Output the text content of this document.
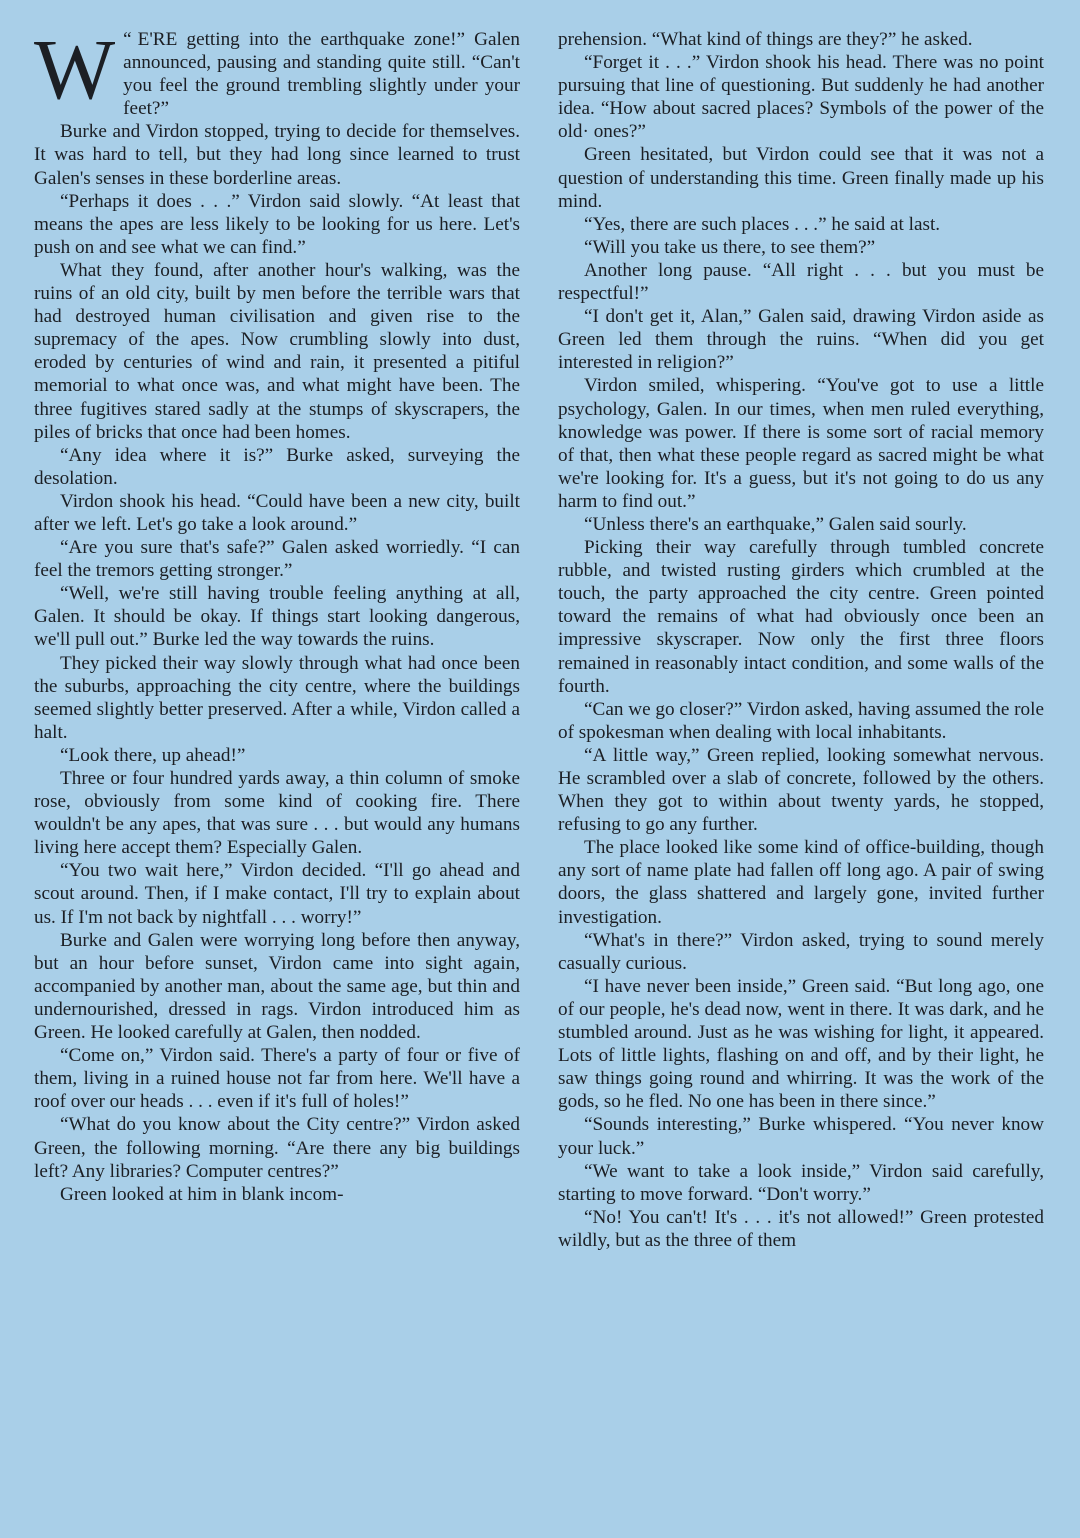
“
W E'RE getting into the earthquake zone!” Galen announced, pausing and standing quite still. “Can't you feel the ground trembling slightly under your feet?”

Burke and Virdon stopped, trying to decide for themselves. It was hard to tell, but they had long since learned to trust Galen's senses in these borderline areas.

“Perhaps it does . . .” Virdon said slowly. “At least that means the apes are less likely to be looking for us here. Let's push on and see what we can find.”

What they found, after another hour's walking, was the ruins of an old city, built by men before the terrible wars that had destroyed human civilisation and given rise to the supremacy of the apes. Now crumbling slowly into dust, eroded by centuries of wind and rain, it presented a pitiful memorial to what once was, and what might have been. The three fugitives stared sadly at the stumps of skyscrapers, the piles of bricks that once had been homes.

“Any idea where it is?” Burke asked, surveying the desolation.

Virdon shook his head. “Could have been a new city, built after we left. Let's go take a look around.”

“Are you sure that's safe?” Galen asked worriedly. “I can feel the tremors getting stronger.”

“Well, we're still having trouble feeling anything at all, Galen. It should be okay. If things start looking dangerous, we'll pull out.” Burke led the way towards the ruins.

They picked their way slowly through what had once been the suburbs, approaching the city centre, where the buildings seemed slightly better preserved. After a while, Virdon called a halt.

“Look there, up ahead!”

Three or four hundred yards away, a thin column of smoke rose, obviously from some kind of cooking fire. There wouldn't be any apes, that was sure . . . but would any humans living here accept them? Especially Galen.

“You two wait here,” Virdon decided. “I'll go ahead and scout around. Then, if I make contact, I'll try to explain about us. If I'm not back by nightfall . . . worry!”

Burke and Galen were worrying long before then anyway, but an hour before sunset, Virdon came into sight again, accompanied by another man, about the same age, but thin and undernourished, dressed in rags. Virdon introduced him as Green. He looked carefully at Galen, then nodded.

“Come on,” Virdon said. There's a party of four or five of them, living in a ruined house not far from here. We'll have a roof over our heads . . . even if it's full of holes!”

“What do you know about the City centre?” Virdon asked Green, the following morning. “Are there any big buildings left? Any libraries? Computer centres?”

Green looked at him in blank incom-

prehension. “What kind of things are they?” he asked.

“Forget it . . .” Virdon shook his head. There was no point pursuing that line of questioning. But suddenly he had another idea. “How about sacred places? Symbols of the power of the old· ones?”

Green hesitated, but Virdon could see that it was not a question of understanding this time. Green finally made up his mind.

“Yes, there are such places . . .” he said at last.

“Will you take us there, to see them?”

Another long pause. “All right . . . but you must be respectful!”

“I don't get it, Alan,” Galen said, drawing Virdon aside as Green led them through the ruins. “When did you get interested in religion?”

Virdon smiled, whispering. “You've got to use a little psychology, Galen. In our times, when men ruled everything, knowledge was power. If there is some sort of racial memory of that, then what these people regard as sacred might be what we're looking for. It's a guess, but it's not going to do us any harm to find out.”

“Unless there's an earthquake,” Galen said sourly.

Picking their way carefully through tumbled concrete rubble, and twisted rusting girders which crumbled at the touch, the party approached the city centre. Green pointed toward the remains of what had obviously once been an impressive skyscraper. Now only the first three floors remained in reasonably intact condition, and some walls of the fourth.

“Can we go closer?” Virdon asked, having assumed the role of spokesman when dealing with local inhabitants.

“A little way,” Green replied, looking somewhat nervous. He scrambled over a slab of concrete, followed by the others. When they got to within about twenty yards, he stopped, refusing to go any further.

The place looked like some kind of office-building, though any sort of name plate had fallen off long ago. A pair of swing doors, the glass shattered and largely gone, invited further investigation.

“What's in there?” Virdon asked, trying to sound merely casually curious.

“I have never been inside,” Green said. “But long ago, one of our people, he's dead now, went in there. It was dark, and he stumbled around. Just as he was wishing for light, it appeared. Lots of little lights, flashing on and off, and by their light, he saw things going round and whirring. It was the work of the gods, so he fled. No one has been in there since.”

“Sounds interesting,” Burke whispered. “You never know your luck.”

“We want to take a look inside,” Virdon said carefully, starting to move forward. “Don't worry.”

“No! You can't! It's . . . it's not allowed!” Green protested wildly, but as the three of them
